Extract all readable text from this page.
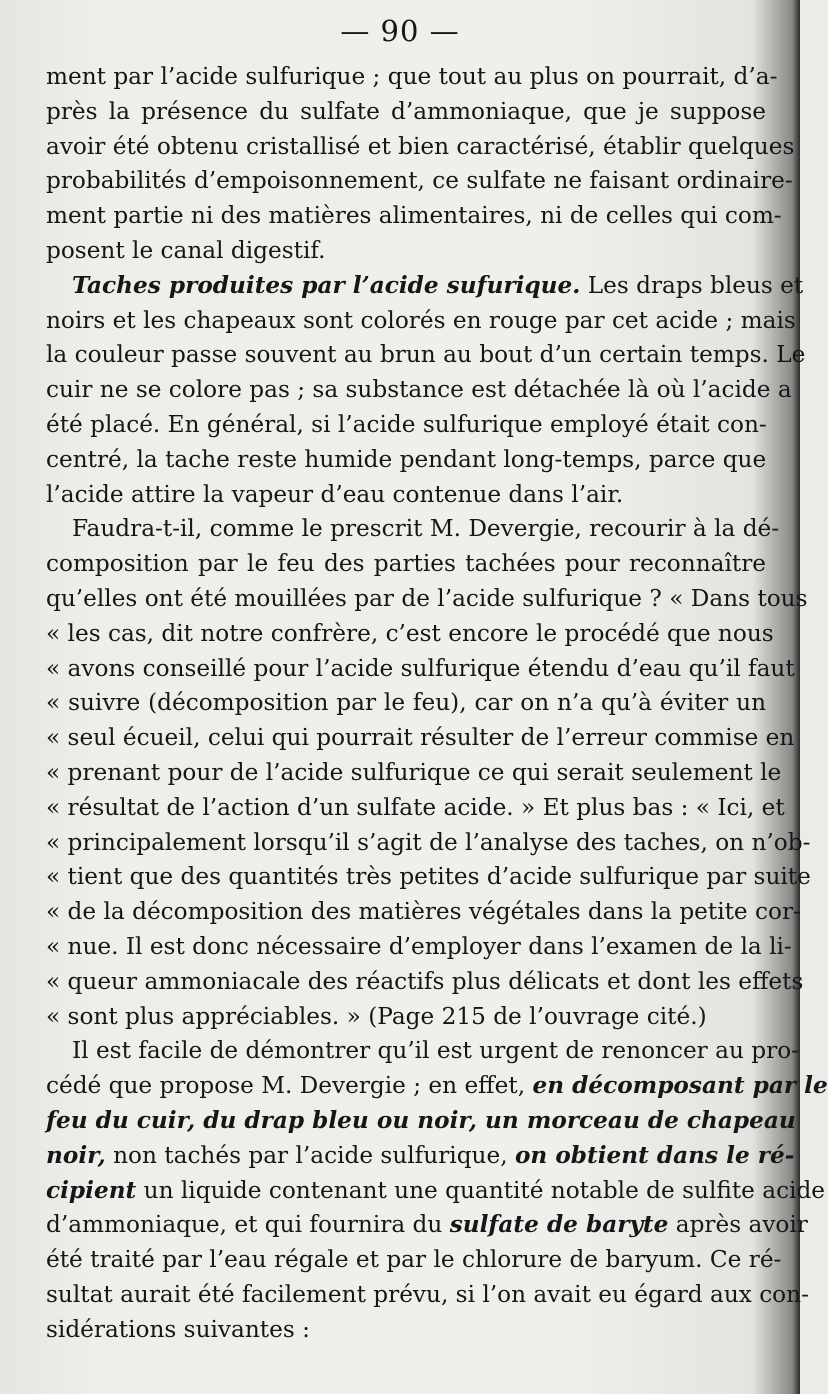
— 90 —
ment par l’acide sulfurique ; que tout au plus on pourrait, d’a-
près la présence du sulfate d’ammoniaque, que je suppose
avoir été obtenu cristallisé et bien caractérisé, établir quelques
probabilités d’empoisonnement, ce sulfate ne faisant ordinaire-
ment partie ni des matières alimentaires, ni de celles qui com-
posent le canal digestif.
Taches produites par l’acide sufurique. Les draps bleus et
noirs et les chapeaux sont colorés en rouge par cet acide ; mais
la couleur passe souvent au brun au bout d’un certain temps. Le
cuir ne se colore pas ; sa substance est détachée là où l’acide a
été placé. En général, si l’acide sulfurique employé était con-
centré, la tache reste humide pendant long-temps, parce que
l’acide attire la vapeur d’eau contenue dans l’air.
Faudra-t-il, comme le prescrit M. Devergie, recourir à la dé-
composition par le feu des parties tachées pour reconnaître
qu’elles ont été mouillées par de l’acide sulfurique ? « Dans tous
« les cas, dit notre confrère, c’est encore le procédé que nous
« avons conseillé pour l’acide sulfurique étendu d’eau qu’il faut
« suivre (décomposition par le feu), car on n’a qu’à éviter un
« seul écueil, celui qui pourrait résulter de l’erreur commise en
« prenant pour de l’acide sulfurique ce qui serait seulement le
« résultat de l’action d’un sulfate acide. » Et plus bas : « Ici, et
« principalement lorsqu’il s’agit de l’analyse des taches, on n’ob-
« tient que des quantités très petites d’acide sulfurique par suite
« de la décomposition des matières végétales dans la petite cor-
« nue. Il est donc nécessaire d’employer dans l’examen de la li-
« queur ammoniacale des réactifs plus délicats et dont les effets
« sont plus appréciables. » (Page 215 de l’ouvrage cité.)
Il est facile de démontrer qu’il est urgent de renoncer au pro-
cédé que propose M. Devergie ; en effet, en décomposant par le
feu du cuir, du drap bleu ou noir, un morceau de chapeau
noir, non tachés par l’acide sulfurique, on obtient dans le ré-
cipient un liquide contenant une quantité notable de sulfite acide
d’ammoniaque, et qui fournira du sulfate de baryte après avoir
été traité par l’eau régale et par le chlorure de baryum. Ce ré-
sultat aurait été facilement prévu, si l’on avait eu égard aux con-
sidérations suivantes :
